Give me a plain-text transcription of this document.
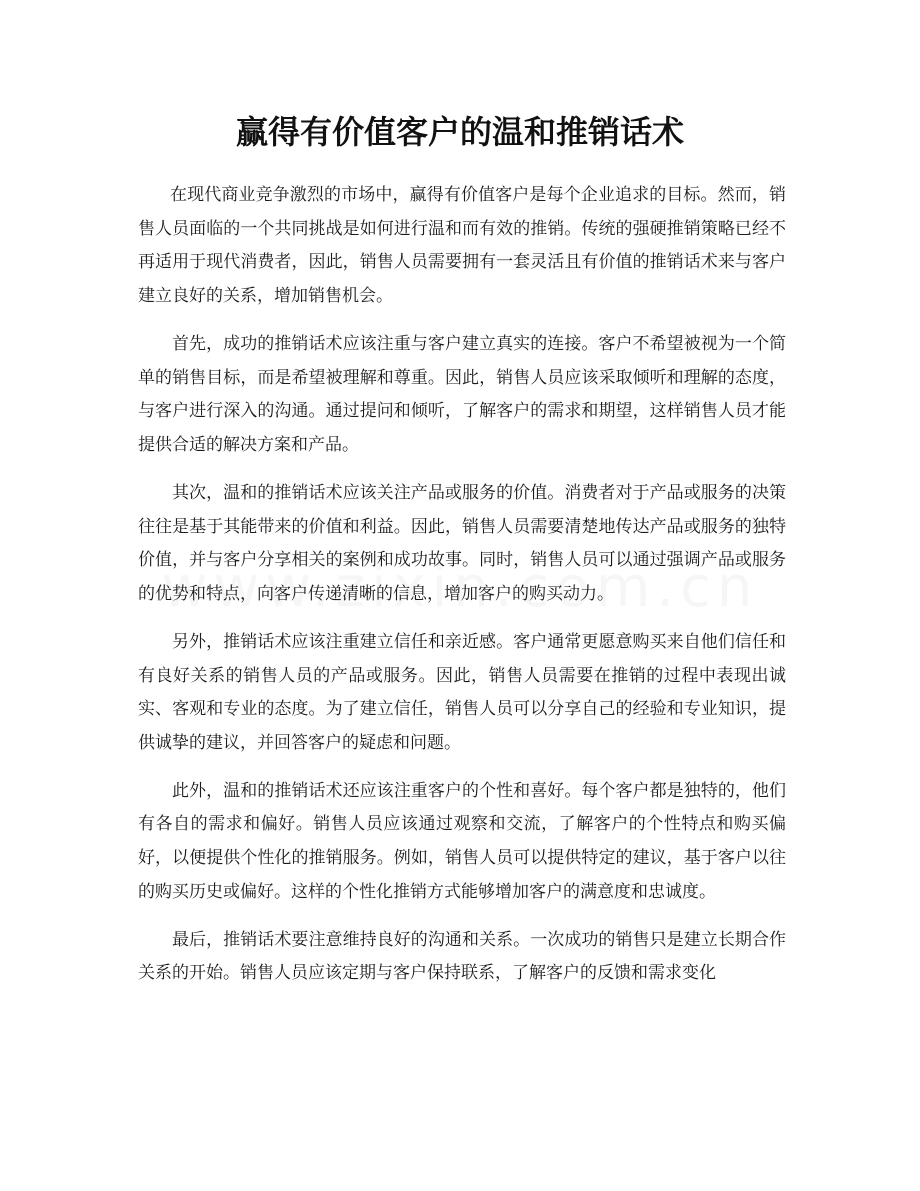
赢得有价值客户的温和推销话术

在现代商业竞争激烈的市场中，赢得有价值客户是每个企业追求的目标。然而，销售人员面临的一个共同挑战是如何进行温和而有效的推销。传统的强硬推销策略已经不再适用于现代消费者，因此，销售人员需要拥有一套灵活且有价值的推销话术来与客户建立良好的关系，增加销售机会。

首先，成功的推销话术应该注重与客户建立真实的连接。客户不希望被视为一个简单的销售目标，而是希望被理解和尊重。因此，销售人员应该采取倾听和理解的态度，与客户进行深入的沟通。通过提问和倾听，了解客户的需求和期望，这样销售人员才能提供合适的解决方案和产品。

其次，温和的推销话术应该关注产品或服务的价值。消费者对于产品或服务的决策往往是基于其能带来的价值和利益。因此，销售人员需要清楚地传达产品或服务的独特价值，并与客户分享相关的案例和成功故事。同时，销售人员可以通过强调产品或服务的优势和特点，向客户传递清晰的信息，增加客户的购买动力。

另外，推销话术应该注重建立信任和亲近感。客户通常更愿意购买来自他们信任和有良好关系的销售人员的产品或服务。因此，销售人员需要在推销的过程中表现出诚实、客观和专业的态度。为了建立信任，销售人员可以分享自己的经验和专业知识，提供诚挚的建议，并回答客户的疑虑和问题。

此外，温和的推销话术还应该注重客户的个性和喜好。每个客户都是独特的，他们有各自的需求和偏好。销售人员应该通过观察和交流，了解客户的个性特点和购买偏好，以便提供个性化的推销服务。例如，销售人员可以提供特定的建议，基于客户以往的购买历史或偏好。这样的个性化推销方式能够增加客户的满意度和忠诚度。

最后，推销话术要注意维持良好的沟通和关系。一次成功的销售只是建立长期合作关系的开始。销售人员应该定期与客户保持联系，了解客户的反馈和需求变化
